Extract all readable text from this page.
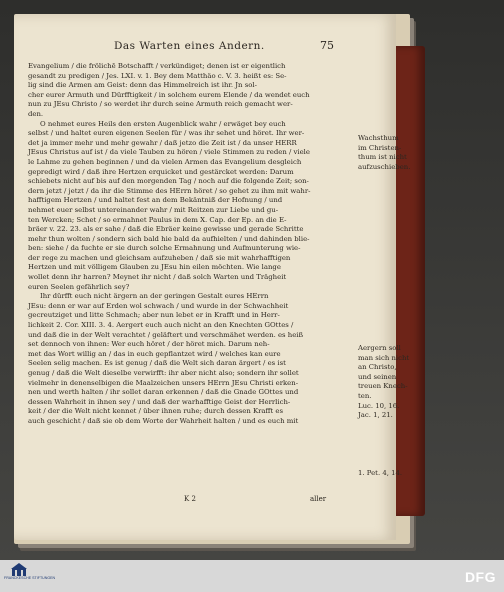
Das Warten eines Andern.	75

Evangelium / die frölichē Botschafft / verkündiget; denen ist er eigentlich

gesandt zu predigen / Jes. LXI. v. 1. Bey dem Matthäo c. V. 3. heißt es: Se-

lig sind die Armen am Geist: denn das Himmelreich ist ihr. Jn sol-

cher eurer Armuth und Dürfftigkeit / in solchem eurem Elende / da wendet euch

nun zu JEsu Christo / so werdet ihr durch seine Armuth reich gemacht wer-

den.

O nehmet eures Heils den ersten Augenblick wahr / erwäget bey euch

selbst / und haltet euren eigenen Seelen für / was ihr sehet und höret. Ihr wer-

det ja immer mehr und mehr gewahr / daß jetzo die Zeit ist / da unser HERR

JEsus Christus auf ist / da viele Tauben zu hören / viele Stimmen zu reden / viele

le Lahme zu gehen beginnen / und da vielen Armen das Evangelium desgleich

gepredigt wird / daß ihre Hertzen erquicket und gestärcket werden: Darum

schiebets nicht auf bis auf den morgenden Tag / noch auf die folgende Zeit; son-

dern jetzt / jetzt / da ihr die Stimme des HErrn höret / so gehet zu ihm mit wahr-

hafftigem Hertzen / und haltet fest an dem Bekäntniß der Hofnung / und

nehmet euer selbst untereinander wahr / mit Reitzen zur Liebe und gu-

ten Wercken; Schet / so ermahnet Paulus in dem X. Cap. der Ep. an die E-

bräer v. 22. 23. als er sahe / daß die Ebräer keine gewisse und gerade Schritte

mehr thun wolten / sondern sich bald hie bald da aufhielten / und dahinden blie-

ben: siehe / da fuchte er sie durch solche Ermahnung und Aufmunterung wie-

der rege zu machen und gleichsam aufzuheben / daß sie mit wahrhafftigen

Hertzen und mit völligem Glauben zu JEsu hin eilen möchten. Wie lange

wollet denn ihr harren? Meynet ihr nicht / daß solch Warten und Trägheit

euren Seelen gefährlich sey?

Ihr dürfft euch nicht ärgern an der geringen Gestalt eures HErrn

JEsu: denn er war auf Erden wol schwach / und wurde in der Schwachheit

gecreutziget und litte Schmach; aber nun lebet er in Krafft und in Herr-

lichkeit 2. Cor. XIII. 3. 4. Aergert euch auch nicht an den Knechten GOttes /

und daß die in der Welt verachtet / geläftert und verschmähet werden. es heiß

set dennoch von ihnen: Wer euch höret / der höret mich. Darum neh-

met das Wort willig an / das in euch gepflantzet wird / welches kan eure

Seelen selig machen. Es ist genug / daß die Welt sich daran ärgert / es ist

genug / daß die Welt dieselbe verwirfft: ihr aber nicht also; sondern ihr sollet

vielmehr in denenselbigen die Maalzeichen unsers HErrn JEsu Christi erken-

nen und werth halten / ihr sollet daran erkennen / daß die Gnade GOttes und

dessen Wahrheit in ihnen sey / und daß der warhafftige Geist der Herrlich-

keit / der die Welt nicht kennet / über ihnen ruhe; durch dessen Krafft es

auch geschicht / daß sie ob dem Worte der Wahrheit halten / und es euch mit

Wachsthum

im Christen-

thum ist nicht

aufzuschieben.

Aergern soll

man sich nicht

an Christo,

und seinen

treuen Knech-

ten.

Luc. 10, 16.

Jac. 1, 21.

1. Pet. 4, 14.

K 2	aller
FRANCKESCHE STIFTUNGEN	DFG
